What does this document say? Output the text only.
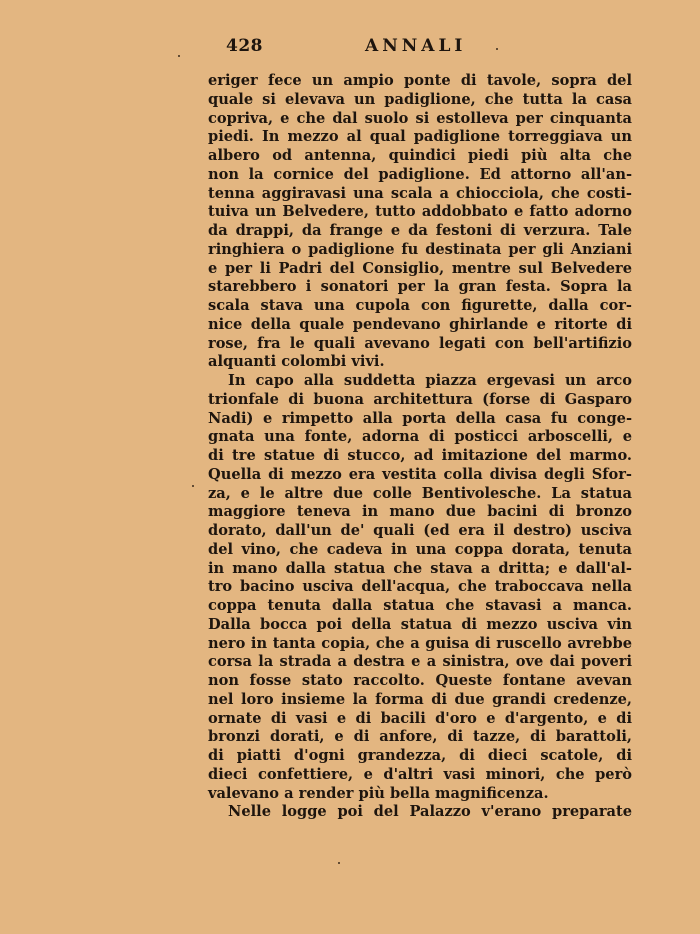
428	ANNALI
eriger fece un ampio ponte di tavole, sopra del
quale si elevava un padiglione, che tutta la casa
copriva, e che dal suolo si estolleva per cinquanta
piedi. In mezzo al qual padiglione torreggiava un
albero od antenna, quindici piedi più alta che
non la cornice del padiglione. Ed attorno all'an-
tenna aggiravasi una scala a chiocciola, che costi-
tuiva un Belvedere, tutto addobbato e fatto adorno
da drappi, da frange e da festoni di verzura. Tale
ringhiera o padiglione fu destinata per gli Anziani
e per li Padri del Consiglio, mentre sul Belvedere
starebbero i sonatori per la gran festa. Sopra la
scala stava una cupola con figurette, dalla cor-
nice della quale pendevano ghirlande e ritorte di
rose, fra le quali avevano legati con bell'artifizio
alquanti colombi vivi.
In capo alla suddetta piazza ergevasi un arco
trionfale di buona architettura (forse di Gasparo
Nadi) e rimpetto alla porta della casa fu conge-
gnata una fonte, adorna di posticci arboscelli, e
di tre statue di stucco, ad imitazione del marmo.
Quella di mezzo era vestita colla divisa degli Sfor-
za, e le altre due colle Bentivolesche. La statua
maggiore teneva in mano due bacini di bronzo
dorato, dall'un de' quali (ed era il destro) usciva
del vino, che cadeva in una coppa dorata, tenuta
in mano dalla statua che stava a dritta; e dall'al-
tro bacino usciva dell'acqua, che traboccava nella
coppa tenuta dalla statua che stavasi a manca.
Dalla bocca poi della statua di mezzo usciva vin
nero in tanta copia, che a guisa di ruscello avrebbe
corsa la strada a destra e a sinistra, ove dai poveri
non fosse stato raccolto. Queste fontane avevan
nel loro insieme la forma di due grandi credenze,
ornate di vasi e di bacili d'oro e d'argento, e di
bronzi dorati, e di anfore, di tazze, di barattoli,
di piatti d'ogni grandezza, di dieci scatole, di
dieci confettiere, e d'altri vasi minori, che però
valevano a render più bella magnificenza.
Nelle logge poi del Palazzo v'erano preparate
